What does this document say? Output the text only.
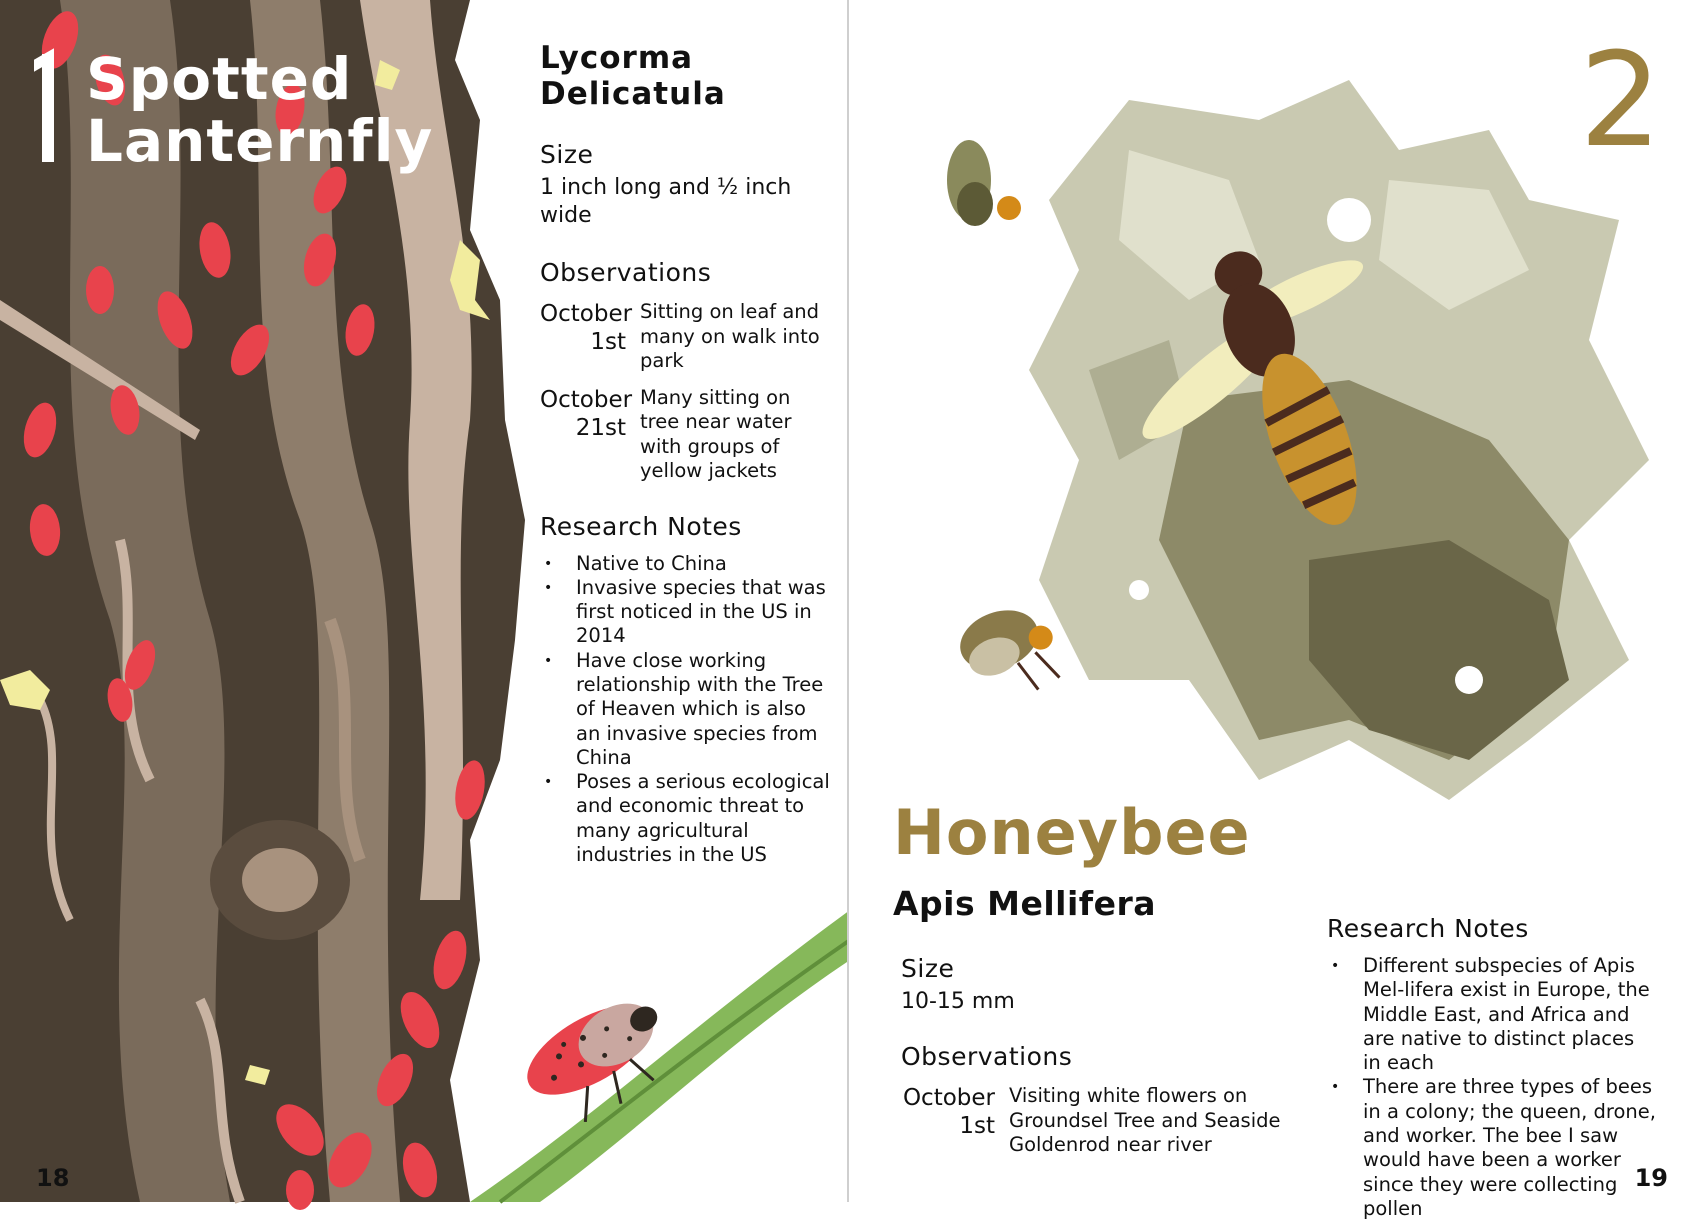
Spotted
Lanternfly
Lycorma
Delicatula
Size
1 inch long and ½ inch wide
Observations
October 1st
Sitting on leaf and many on walk into park
October 21st
Many sitting on tree near water with groups of yellow jackets
Research Notes
• Native to China
• Invasive species that was first noticed in the US in 2014
• Have close working relationship with the Tree of Heaven which is also an invasive species from China
• Poses a serious ecological and economic threat to many agricultural industries in the US
18
2
Honeybee
Apis Mellifera
Size
10-15 mm
Observations
October 1st
Visiting white flowers on Groundsel Tree and Seaside Goldenrod near river
Research Notes
• Different subspecies of Apis Mel-lifera exist in Europe, the Middle East, and Africa and are native to distinct places in each
• There are three types of bees in a colony; the queen, drone, and worker. The bee I saw would have been a worker since they were collecting pollen
19
